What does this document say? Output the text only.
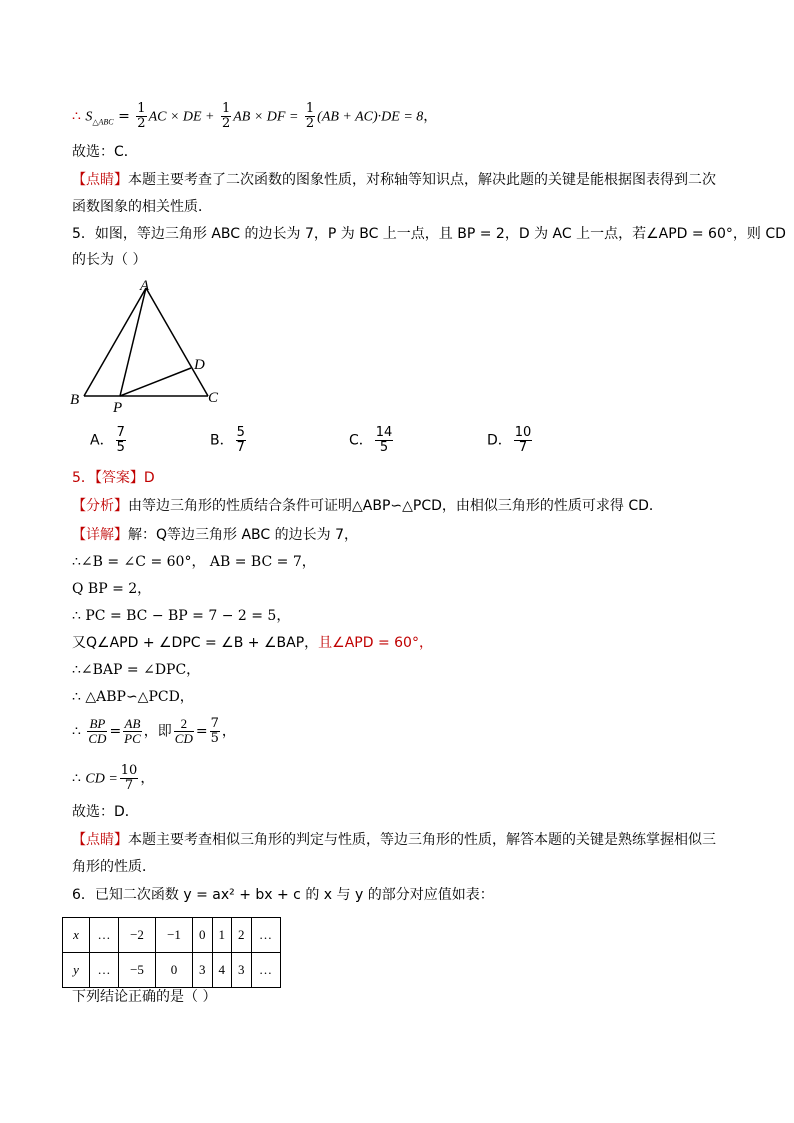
∴ $S_{\triangle ABC} = \frac{1}{2}$ AC × DE + $\frac{1}{2}$ AB × DF = $\frac{1}{2} (AB + AC)\cdot DE = 8$，
故选：C．
【点睛】本题主要考查了二次函数的图象性质，对称轴等知识点，解决此题的关键是能根据图表得到二次
函数图象的相关性质．
5．如图，等边三角形 ABC 的边长为 7，P 为 BC 上一点，且 BP = 2，D 为 AC 上一点，若∠APD = 60°，则 CD
的长为（ ）
A
B	C
D
P
A． $\frac{7}{5}$	B． $\frac{5}{7}$	C． $\frac{14}{5}$	D． $\frac{10}{7}$
5．【答案】D
【分析】由等边三角形的性质结合条件可证明△ABP∽△PCD，由相似三角形的性质可求得 CD．
【详解】解：Q等边三角形 ABC 的边长为 7，
∴∠B = ∠C = 60°， AB = BC = 7，
Q BP = 2，
∴ PC = BC − BP = 7 − 2 = 5，
又Q∠APD + ∠DPC = ∠B + ∠BAP，且∠APD = 60°，
∴∠BAP = ∠DPC，
∴ △ABP∽△PCD，
∴ $\frac{BP}{CD} = \frac{AB}{PC}$ ，即 $\frac{2}{CD} = \frac{7}{5}$ ，
∴ CD = $\frac{10}{7}$ ，
故选：D．
【点睛】本题主要考查相似三角形的判定与性质，等边三角形的性质，解答本题的关键是熟练掌握相似三
角形的性质．
6．已知二次函数 y = ax² + bx + c 的 x 与 y 的部分对应值如表：
x	…	−2	−1	0	1	2	…
y	…	−5	0	3	4	3	…
下列结论正确的是（ ）
